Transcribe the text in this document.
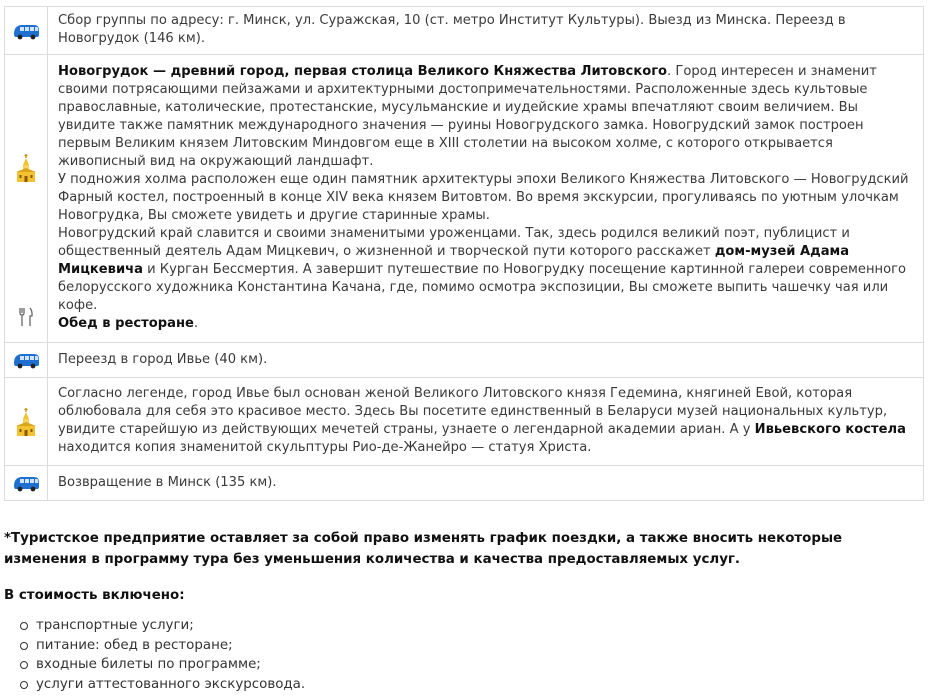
	Сбор группы по адресу: г. Минск, ул. Суражская, 10 (ст. метро Институт Культуры). Выезд из Минска. Переезд в Новогрудок (146 км).

	Новогрудок — древний город, первая столица Великого Княжества Литовского. Город интересен и знаменит своими потрясающими пейзажами и архитектурными достопримечательностями. Расположенные здесь культовые православные, католические, протестанские, мусульманские и иудейские храмы впечатляют своим величием. Вы увидите также памятник международного значения — руины Новогрудского замка. Новогрудский замок построен первым Великим князем Литовским Миндовгом еще в XIII столетии на высоком холме, с которого открывается живописный вид на окружающий ландшафт.
У подножия холма расположен еще один памятник архитектуры эпохи Великого Княжества Литовского — Новогрудский Фарный костел, построенный в конце XIV века князем Витовтом. Во время экскурсии, прогуливаясь по уютным улочкам Новогрудка, Вы сможете увидеть и другие старинные храмы.
Новогрудский край славится и своими знаменитыми уроженцами. Так, здесь родился великий поэт, публицист и общественный деятель Адам Мицкевич, о жизненной и творческой пути которого расскажет дом-музей Адама Мицкевича и Курган Бессмертия. А завершит путешествие по Новогрудку посещение картинной галереи современного белорусского художника Константина Качана, где, помимо осмотра экспозиции, Вы сможете выпить чашечку чая или кофе.
Обед в ресторане.

	Переезд в город Ивье (40 км).

	Согласно легенде, город Ивье был основан женой Великого Литовского князя Гедемина, княгиней Евой, которая облюбовала для себя это красивое место. Здесь Вы посетите единственный в Беларуси музей национальных культур, увидите старейшую из действующих мечетей страны, узнаете о легендарной академии ариан. А у Ивьевского костела находится копия знаменитой скульптуры Рио-де-Жанейро — статуя Христа.

	Возвращение в Минск (135 км).

*Туристское предприятие оставляет за собой право изменять график поездки, а также вносить некоторые изменения в программу тура без уменьшения количества и качества предоставляемых услуг.

В стоимость включено:

транспортные услуги;
питание: обед в ресторане;
входные билеты по программе;
услуги аттестованного экскурсовода.
